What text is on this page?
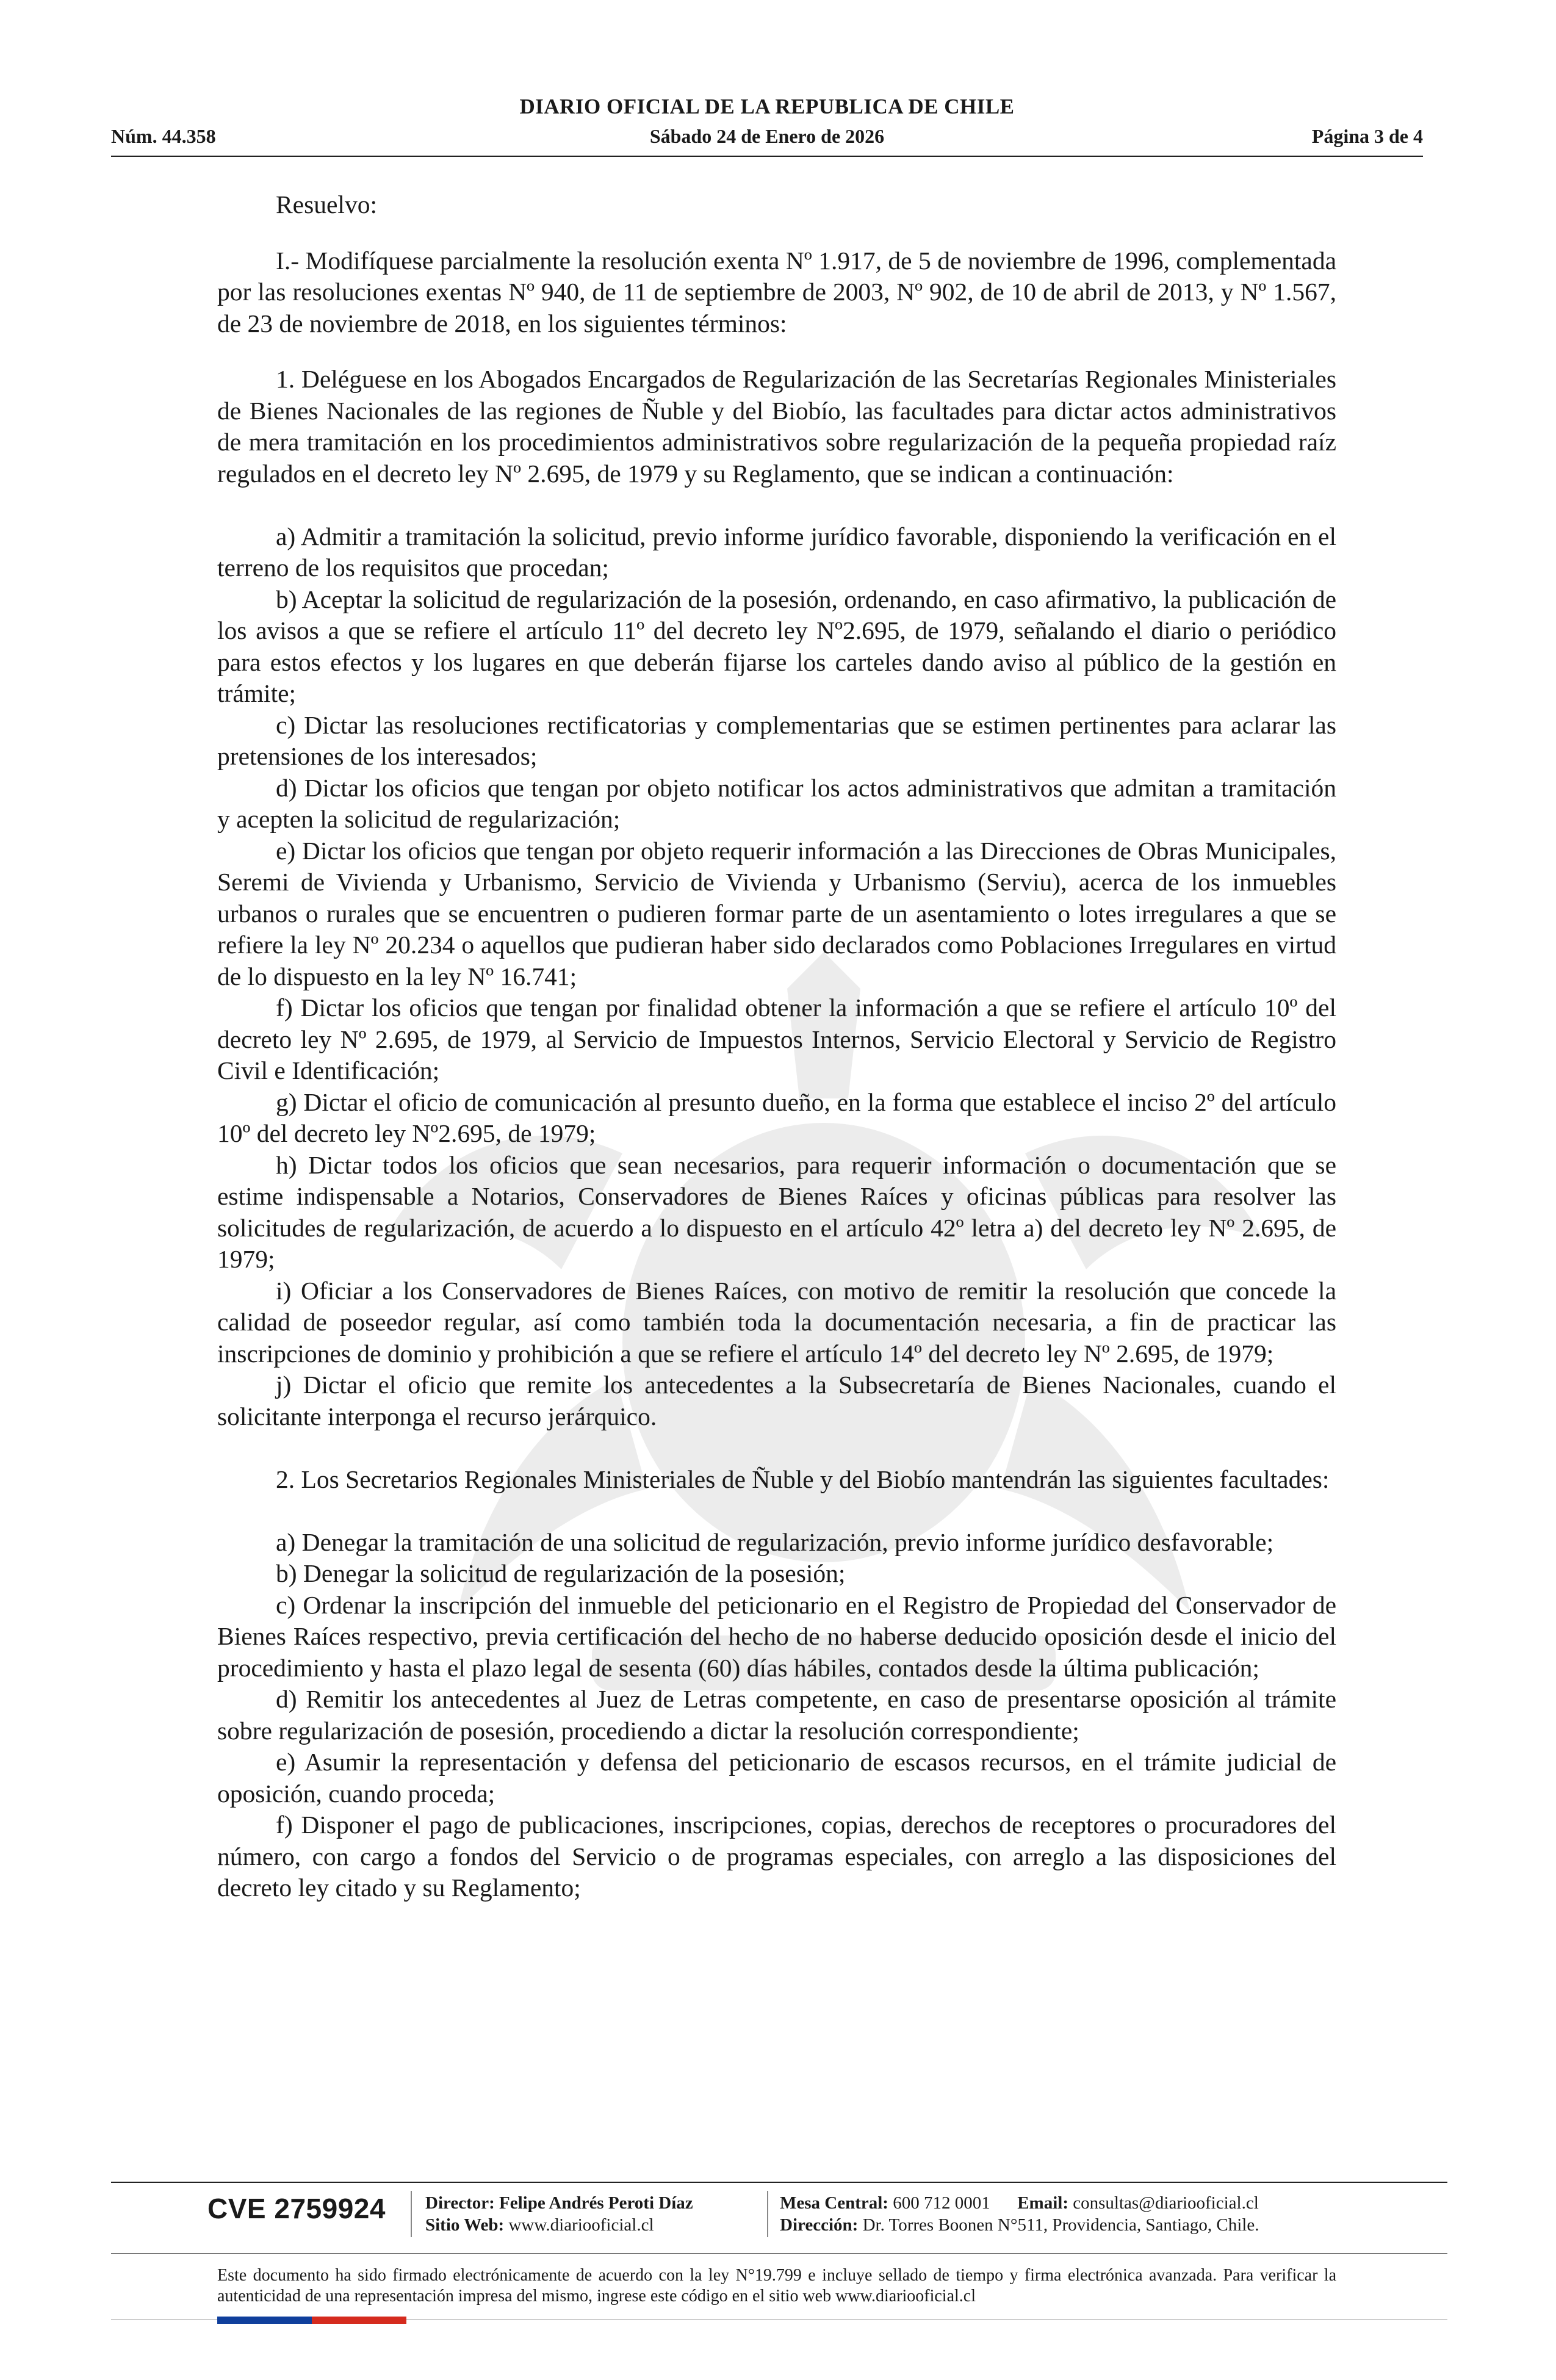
DIARIO OFICIAL DE LA REPUBLICA DE CHILE
Núm. 44.358	Sábado 24 de Enero de 2026	Página 3 de 4

Resuelvo:

I.- Modifíquese parcialmente la resolución exenta Nº 1.917, de 5 de noviembre de 1996, complementada por las resoluciones exentas Nº 940, de 11 de septiembre de 2003, Nº 902, de 10 de abril de 2013, y Nº 1.567, de 23 de noviembre de 2018, en los siguientes términos:

1. Deléguese en los Abogados Encargados de Regularización de las Secretarías Regionales Ministeriales de Bienes Nacionales de las regiones de Ñuble y del Biobío, las facultades para dictar actos administrativos de mera tramitación en los procedimientos administrativos sobre regularización de la pequeña propiedad raíz regulados en el decreto ley Nº 2.695, de 1979 y su Reglamento, que se indican a continuación:

a) Admitir a tramitación la solicitud, previo informe jurídico favorable, disponiendo la verificación en el terreno de los requisitos que procedan;

b) Aceptar la solicitud de regularización de la posesión, ordenando, en caso afirmativo, la publicación de los avisos a que se refiere el artículo 11º del decreto ley Nº2.695, de 1979, señalando el diario o periódico para estos efectos y los lugares en que deberán fijarse los carteles dando aviso al público de la gestión en trámite;

c) Dictar las resoluciones rectificatorias y complementarias que se estimen pertinentes para aclarar las pretensiones de los interesados;

d) Dictar los oficios que tengan por objeto notificar los actos administrativos que admitan a tramitación y acepten la solicitud de regularización;

e) Dictar los oficios que tengan por objeto requerir información a las Direcciones de Obras Municipales, Seremi de Vivienda y Urbanismo, Servicio de Vivienda y Urbanismo (Serviu), acerca de los inmuebles urbanos o rurales que se encuentren o pudieren formar parte de un asentamiento o lotes irregulares a que se refiere la ley Nº 20.234 o aquellos que pudieran haber sido declarados como Poblaciones Irregulares en virtud de lo dispuesto en la ley Nº 16.741;

f) Dictar los oficios que tengan por finalidad obtener la información a que se refiere el artículo 10º del decreto ley Nº 2.695, de 1979, al Servicio de Impuestos Internos, Servicio Electoral y Servicio de Registro Civil e Identificación;

g) Dictar el oficio de comunicación al presunto dueño, en la forma que establece el inciso 2º del artículo 10º del decreto ley Nº2.695, de 1979;

h) Dictar todos los oficios que sean necesarios, para requerir información o documentación que se estime indispensable a Notarios, Conservadores de Bienes Raíces y oficinas públicas para resolver las solicitudes de regularización, de acuerdo a lo dispuesto en el artículo 42º letra a) del decreto ley Nº 2.695, de 1979;

i) Oficiar a los Conservadores de Bienes Raíces, con motivo de remitir la resolución que concede la calidad de poseedor regular, así como también toda la documentación necesaria, a fin de practicar las inscripciones de dominio y prohibición a que se refiere el artículo 14º del decreto ley Nº 2.695, de 1979;

j) Dictar el oficio que remite los antecedentes a la Subsecretaría de Bienes Nacionales, cuando el solicitante interponga el recurso jerárquico.

2. Los Secretarios Regionales Ministeriales de Ñuble y del Biobío mantendrán las siguientes facultades:

a) Denegar la tramitación de una solicitud de regularización, previo informe jurídico desfavorable;

b) Denegar la solicitud de regularización de la posesión;

c) Ordenar la inscripción del inmueble del peticionario en el Registro de Propiedad del Conservador de Bienes Raíces respectivo, previa certificación del hecho de no haberse deducido oposición desde el inicio del procedimiento y hasta el plazo legal de sesenta (60) días hábiles, contados desde la última publicación;

d) Remitir los antecedentes al Juez de Letras competente, en caso de presentarse oposición al trámite sobre regularización de posesión, procediendo a dictar la resolución correspondiente;

e) Asumir la representación y defensa del peticionario de escasos recursos, en el trámite judicial de oposición, cuando proceda;

f) Disponer el pago de publicaciones, inscripciones, copias, derechos de receptores o procuradores del número, con cargo a fondos del Servicio o de programas especiales, con arreglo a las disposiciones del decreto ley citado y su Reglamento;

CVE 2759924 Director: Felipe Andrés Peroti Díaz
Sitio Web: www.diariooficial.cl
Mesa Central: 600 712 0001 Email: consultas@diariooficial.cl
Dirección: Dr. Torres Boonen N°511, Providencia, Santiago, Chile.
Este documento ha sido firmado electrónicamente de acuerdo con la ley N°19.799 e incluye sellado de tiempo y firma electrónica avanzada. Para verificar la autenticidad de una representación impresa del mismo, ingrese este código en el sitio web www.diariooficial.cl
